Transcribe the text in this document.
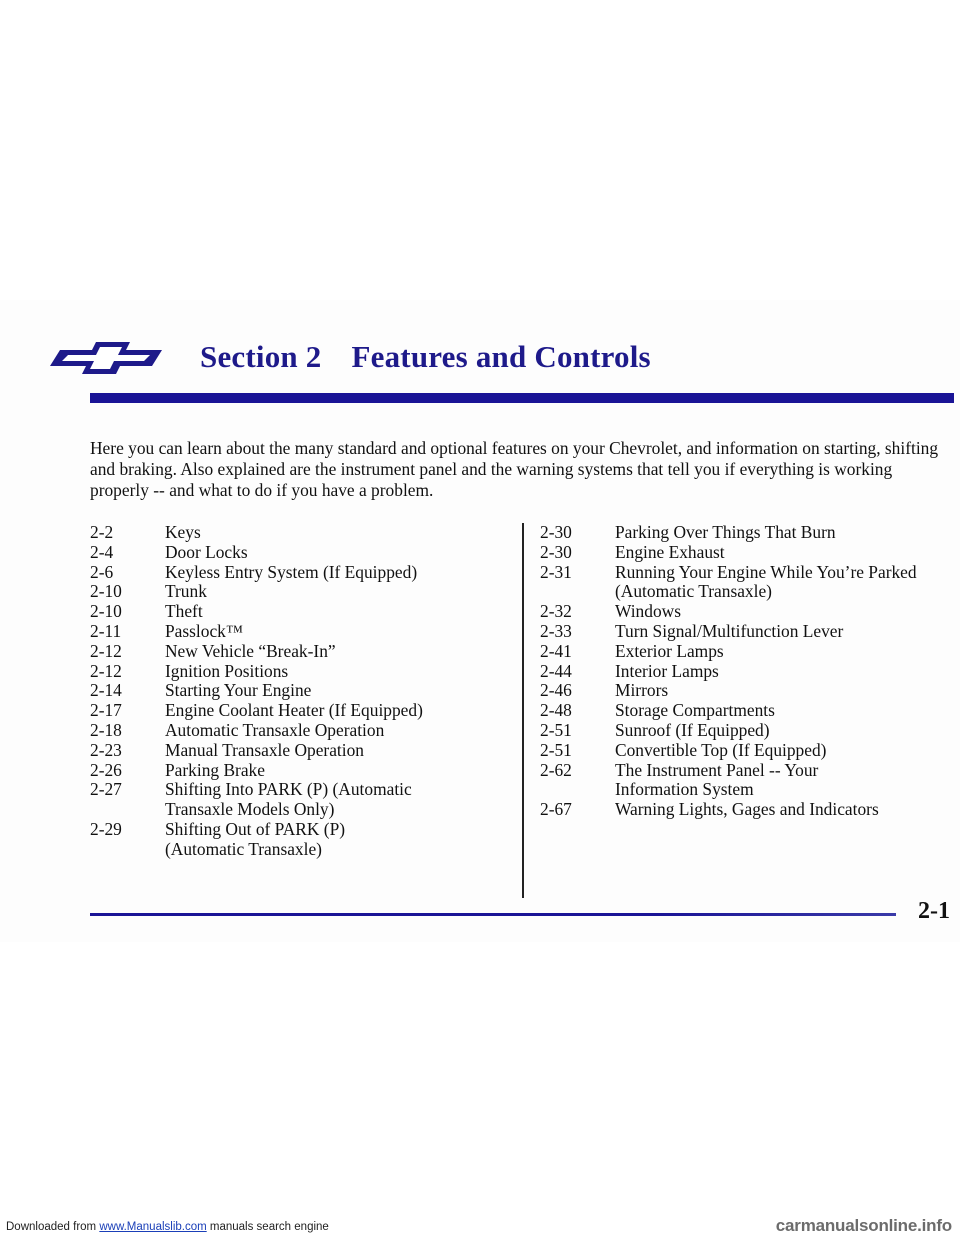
Section 2 Features and Controls

Here you can learn about the many standard and optional features on your Chevrolet, and information on starting, shifting and braking. Also explained are the instrument panel and the warning systems that tell you if everything is working properly -- and what to do if you have a problem.

2-2	Keys
2-4	Door Locks
2-6	Keyless Entry System (If Equipped)
2-10	Trunk
2-10	Theft
2-11	Passlock™
2-12	New Vehicle “Break-In”
2-12	Ignition Positions
2-14	Starting Your Engine
2-17	Engine Coolant Heater (If Equipped)
2-18	Automatic Transaxle Operation
2-23	Manual Transaxle Operation
2-26	Parking Brake
2-27	Shifting Into PARK (P) (Automatic
Transaxle Models Only)
2-29	Shifting Out of PARK (P)
(Automatic Transaxle)
2-30	Parking Over Things That Burn
2-30	Engine Exhaust
2-31	Running Your Engine While You’re Parked
(Automatic Transaxle)
2-32	Windows
2-33	Turn Signal/Multifunction Lever
2-41	Exterior Lamps
2-44	Interior Lamps
2-46	Mirrors
2-48	Storage Compartments
2-51	Sunroof (If Equipped)
2-51	Convertible Top (If Equipped)
2-62	The Instrument Panel -- Your
Information System
2-67	Warning Lights, Gages and Indicators
2-1
Downloaded from www.Manualslib.com manuals search engine	carmanualsonline.info
